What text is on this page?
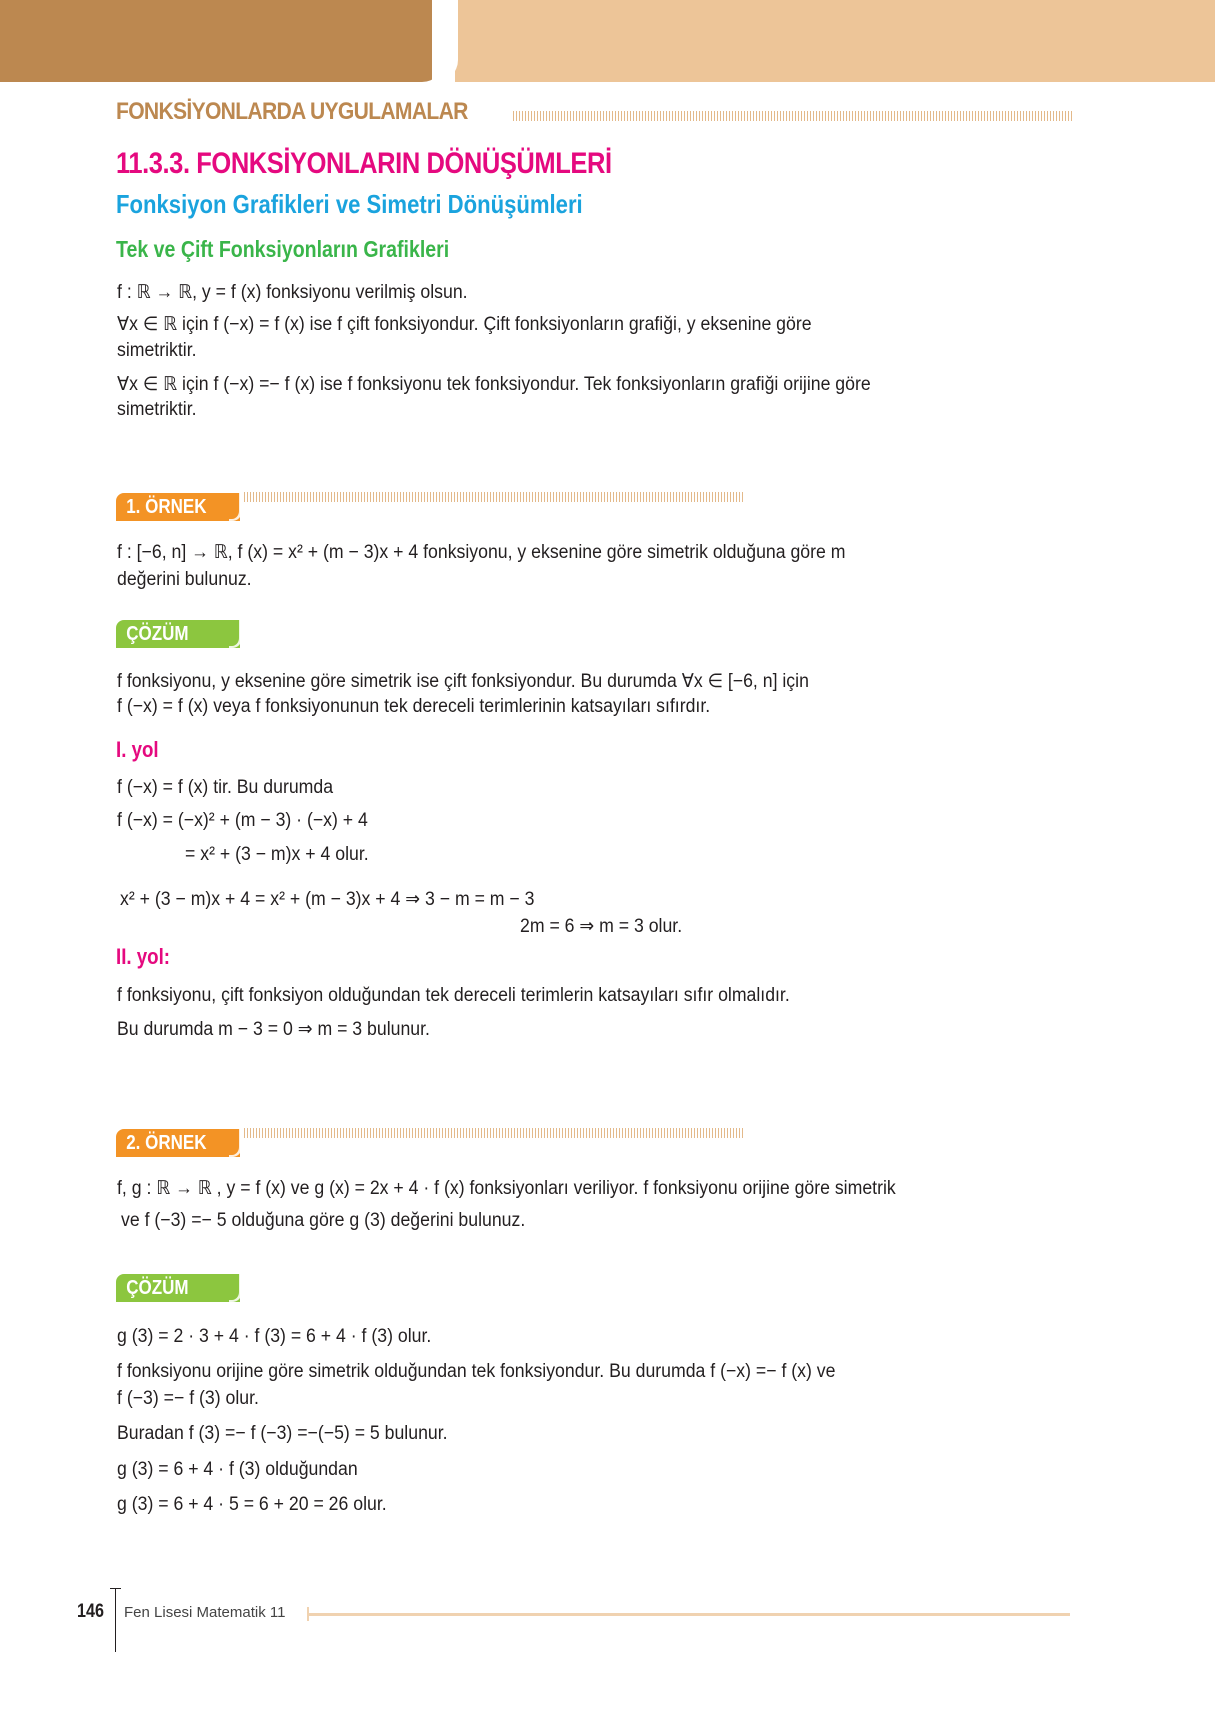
FONKSİYONLARDA UYGULAMALAR
11.3.3. FONKSİYONLARIN DÖNÜŞÜMLERİ
Fonksiyon Grafikleri ve Simetri Dönüşümleri
Tek ve Çift Fonksiyonların Grafikleri
f : ℝ → ℝ, y = f (x) fonksiyonu verilmiş olsun.
∀x ∈ ℝ için f (−x) = f (x) ise f çift fonksiyondur. Çift fonksiyonların grafiği, y eksenine göre
simetriktir.
∀x ∈ ℝ için f (−x) =− f (x) ise f fonksiyonu tek fonksiyondur. Tek fonksiyonların grafiği orijine göre
simetriktir.
1. ÖRNEK
f : [−6, n] → ℝ, f (x) = x² + (m − 3)x + 4 fonksiyonu, y eksenine göre simetrik olduğuna göre m
değerini bulunuz.
ÇÖZÜM
f fonksiyonu, y eksenine göre simetrik ise çift fonksiyondur. Bu durumda ∀x ∈ [−6, n] için
f (−x) = f (x) veya f fonksiyonunun tek dereceli terimlerinin katsayıları sıfırdır.
I. yol
f (−x) = f (x) tir. Bu durumda
f (−x) = (−x)² + (m − 3) · (−x) + 4
= x² + (3 − m)x + 4 olur.
x² + (3 − m)x + 4 = x² + (m − 3)x + 4 ⇒ 3 − m = m − 3
2m = 6 ⇒ m = 3 olur.
II. yol:
f fonksiyonu, çift fonksiyon olduğundan tek dereceli terimlerin katsayıları sıfır olmalıdır.
Bu durumda m − 3 = 0 ⇒ m = 3 bulunur.
2. ÖRNEK
f, g : ℝ → ℝ , y = f (x) ve g (x) = 2x + 4 · f (x) fonksiyonları veriliyor. f fonksiyonu orijine göre simetrik
ve f (−3) =− 5 olduğuna göre g (3) değerini bulunuz.
ÇÖZÜM
g (3) = 2 · 3 + 4 · f (3) = 6 + 4 · f (3) olur.
f fonksiyonu orijine göre simetrik olduğundan tek fonksiyondur. Bu durumda f (−x) =− f (x) ve
f (−3) =− f (3) olur.
Buradan f (3) =− f (−3) =−(−5) = 5 bulunur.
g (3) = 6 + 4 · f (3) olduğundan
g (3) = 6 + 4 · 5 = 6 + 20 = 26 olur.
146 Fen Lisesi Matematik 11
